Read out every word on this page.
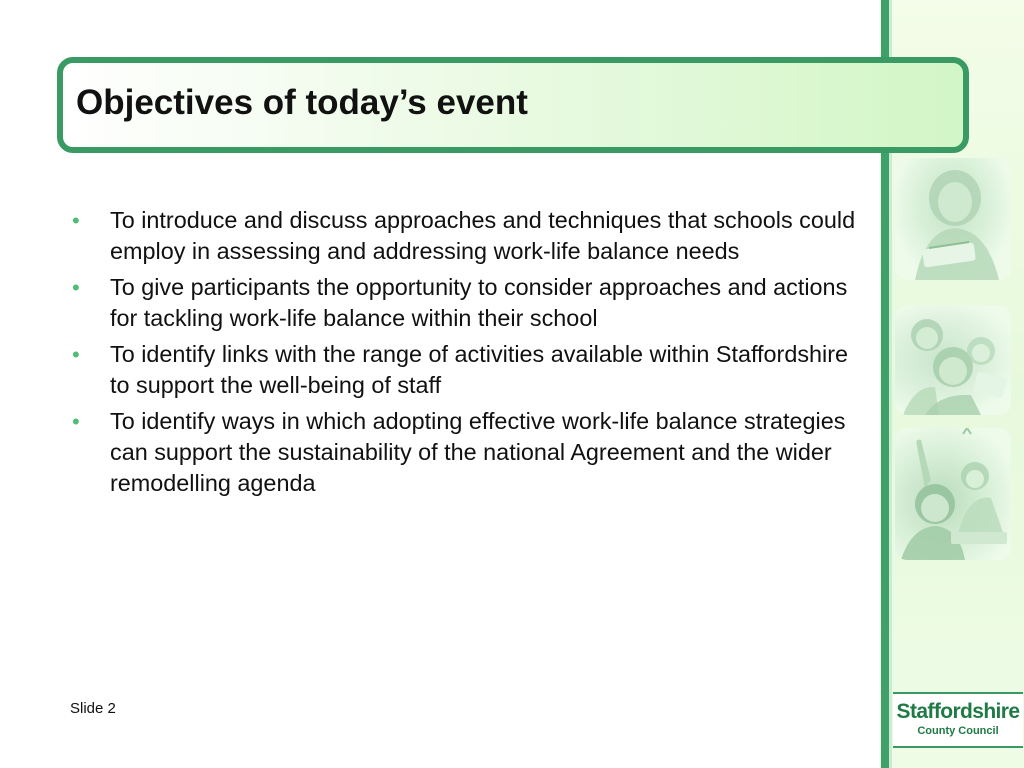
Objectives of today’s event
• To introduce and discuss approaches and techniques that schools could employ in assessing and addressing work-life balance needs
• To give participants the opportunity to consider approaches and actions for tackling work-life balance within their school
• To identify links with the range of activities available within Staffordshire to support the well-being of staff
• To identify ways in which adopting effective work-life balance strategies can support the sustainability of the national Agreement and the wider remodelling agenda
Slide 2	Staffordshire
County Council
